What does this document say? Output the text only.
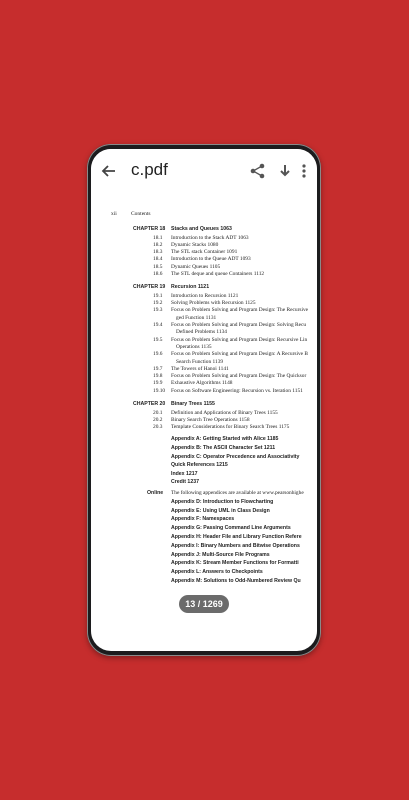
c.pdf
xii	Contents
CHAPTER 18 Stacks and Queues 1063
18.1 Introduction to the Stack ADT 1063
18.2 Dynamic Stacks 1080
18.3 The STL stack Container 1091
18.4 Introduction to the Queue ADT 1093
18.5 Dynamic Queues 1105
18.6 The STL deque and queue Containers 1112
CHAPTER 19 Recursion 1121
19.1 Introduction to Recursion 1121
19.2 Solving Problems with Recursion 1125
19.3 Focus on Problem Solving and Program Design: The Recursive
ged Function 1131
19.4 Focus on Problem Solving and Program Design: Solving Recu
Defined Problems 1134
19.5 Focus on Problem Solving and Program Design: Recursive Lin
Operations 1135
19.6 Focus on Problem Solving and Program Design: A Recursive B
Search Function 1139
19.7 The Towers of Hanoi 1141
19.8 Focus on Problem Solving and Program Design: The Quicksor
19.9 Exhaustive Algorithms 1148
19.10 Focus on Software Engineering: Recursion vs. Iteration 1151
CHAPTER 20 Binary Trees 1155
20.1 Definition and Applications of Binary Trees 1155
20.2 Binary Search Tree Operations 1158
20.3 Template Considerations for Binary Search Trees 1175
Appendix A: Getting Started with Alice 1185
Appendix B: The ASCII Character Set 1211
Appendix C: Operator Precedence and Associativity
Quick References 1215
Index 1217
Credit 1237
Online The following appendices are available at www.pearsonhighe
Appendix D: Introduction to Flowcharting
Appendix E: Using UML in Class Design
Appendix F: Namespaces
Appendix G: Passing Command Line Arguments
Appendix H: Header File and Library Function Refere
Appendix I: Binary Numbers and Bitwise Operations
Appendix J: Multi-Source File Programs
Appendix K: Stream Member Functions for Formatti
Appendix L: Answers to Checkpoints
Appendix M: Solutions to Odd-Numbered Review Qu
13 / 1269
